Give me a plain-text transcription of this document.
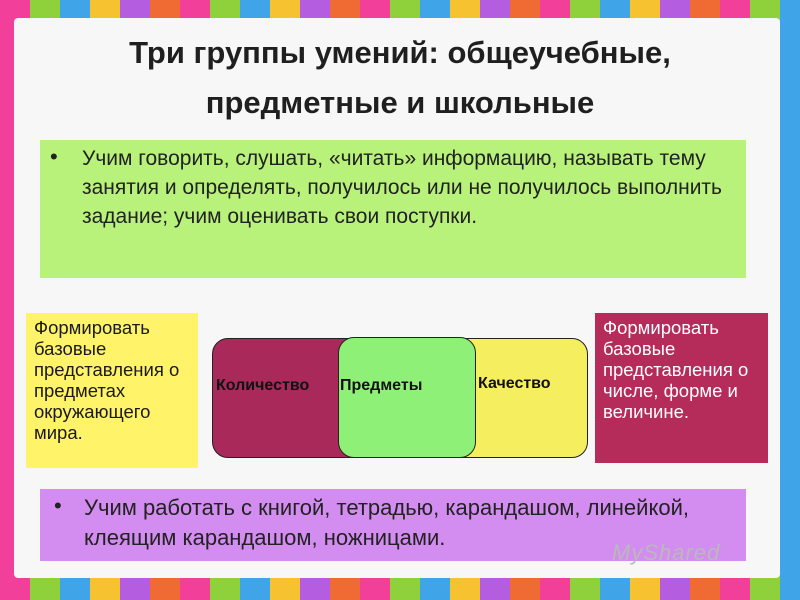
Три группы умений: общеучебные,
предметные и школьные
• Учим говорить, слушать, «читать» информацию, называть тему занятия и определять, получилось или не получилось выполнить задание; учим оценивать свои поступки.
Формировать базовые представления о предметах окружающего мира.
Количество Предметы	Качество
Формировать базовые представления о числе, форме и величине.
• Учим работать с книгой, тетрадью, карандашом, линейкой, клеящим карандашом, ножницами.
MyShared
